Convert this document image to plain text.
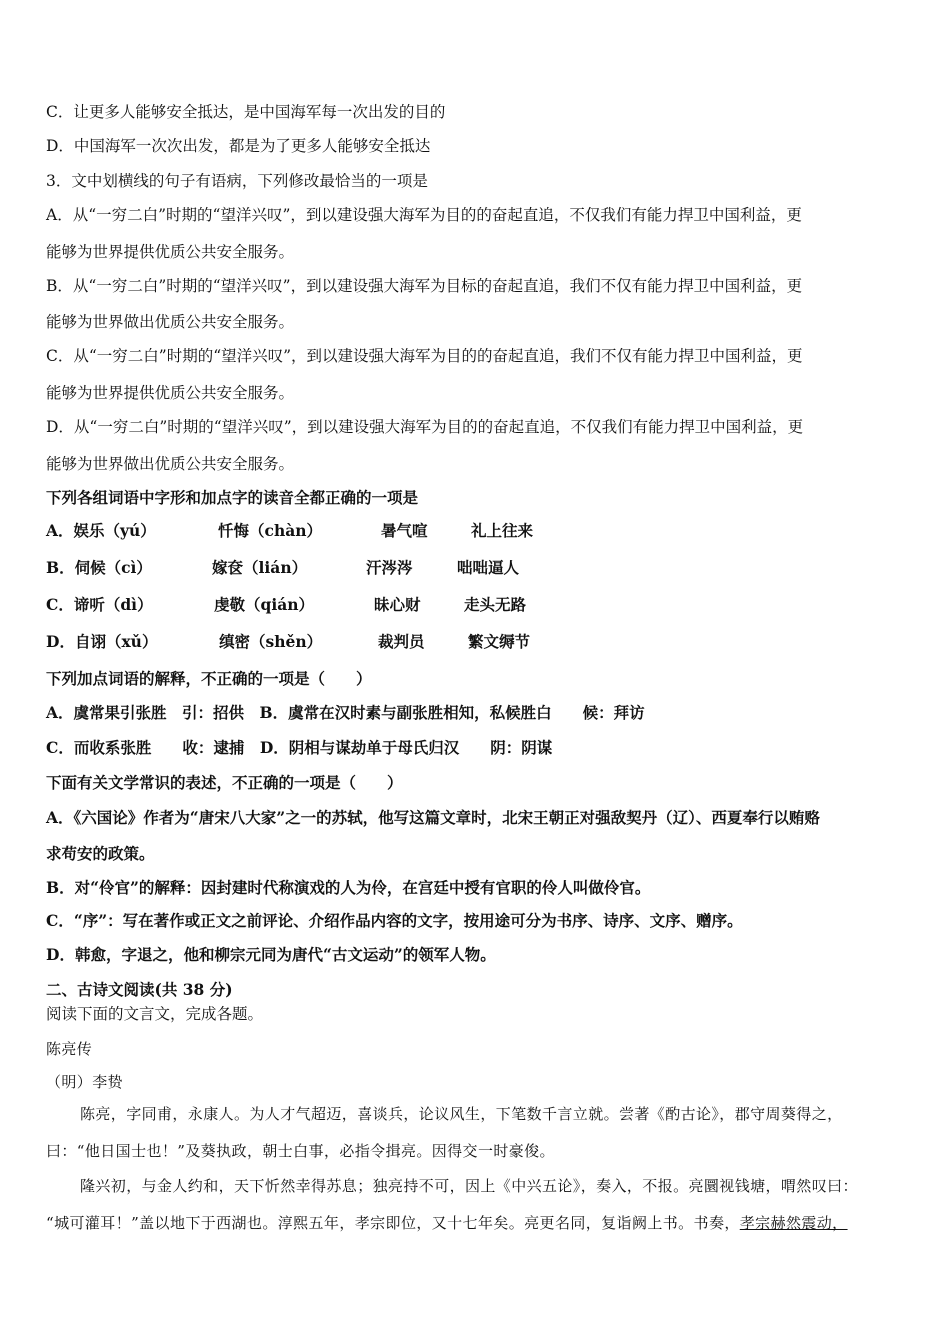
C．让更多人能够安全抵达，是中国海军每一次出发的目的
D．中国海军一次次出发，都是为了更多人能够安全抵达
3．文中划横线的句子有语病，下列修改最恰当的一项是
A．从“一穷二白”时期的“望洋兴叹”，到以建设强大海军为目的的奋起直追，不仅我们有能力捍卫中国利益，更
能够为世界提供优质公共安全服务。
B．从“一穷二白”时期的“望洋兴叹”，到以建设强大海军为目标的奋起直追，我们不仅有能力捍卫中国利益，更
能够为世界做出优质公共安全服务。
C．从“一穷二白”时期的“望洋兴叹”，到以建设强大海军为目的的奋起直追，我们不仅有能力捍卫中国利益，更
能够为世界提供优质公共安全服务。
D．从“一穷二白”时期的“望洋兴叹”，到以建设强大海军为目的的奋起直追，不仅我们有能力捍卫中国利益，更
能够为世界做出优质公共安全服务。
下列各组词语中字形和加点字的读音全都正确的一项是
A．娱乐（yú）	忏悔（chàn）	暑气喧	礼上往来
B．伺候（cì）	嫁奁（lián）	汗涔涔	咄咄逼人
C．谛听（dì）	虔敬（qián）	昧心财	走头无路
D．自诩（xǔ）	缜密（shěn）	裁判员	繁文缛节
下列加点词语的解释，不正确的一项是（　　）
A．虞常果引张胜　引：招供　B．虞常在汉时素与副张胜相知，私候胜白　　候：拜访
C．而收系张胜　　收：逮捕　D．阴相与谋劫单于母氏归汉　　阴：阴谋
下面有关文学常识的表述，不正确的一项是（　　）
A．《六国论》作者为“唐宋八大家”之一的苏轼，他写这篇文章时，北宋王朝正对强敌契丹（辽）、西夏奉行以贿赂
求苟安的政策。
B．对“伶官”的解释：因封建时代称演戏的人为伶，在宫廷中授有官职的伶人叫做伶官。
C．“序”：写在著作或正文之前评论、介绍作品内容的文字，按用途可分为书序、诗序、文序、赠序。
D．韩愈，字退之，他和柳宗元同为唐代“古文运动”的领军人物。
二、古诗文阅读(共 38 分)
阅读下面的文言文，完成各题。
陈亮传
（明）李贽
陈亮，字同甫，永康人。为人才气超迈，喜谈兵，论议风生，下笔数千言立就。尝著《酌古论》，郡守周葵得之，
曰：“他日国士也！”及葵执政，朝士白事，必指令揖亮。因得交一时豪俊。
隆兴初，与金人约和，天下忻然幸得苏息；独亮持不可，因上《中兴五论》，奏入，不报。亮圜视钱塘，喟然叹曰：
“城可灌耳！”盖以地下于西湖也。淳熙五年，孝宗即位，又十七年矣。亮更名同，复诣阙上书。书奏，孝宗赫然震动，
